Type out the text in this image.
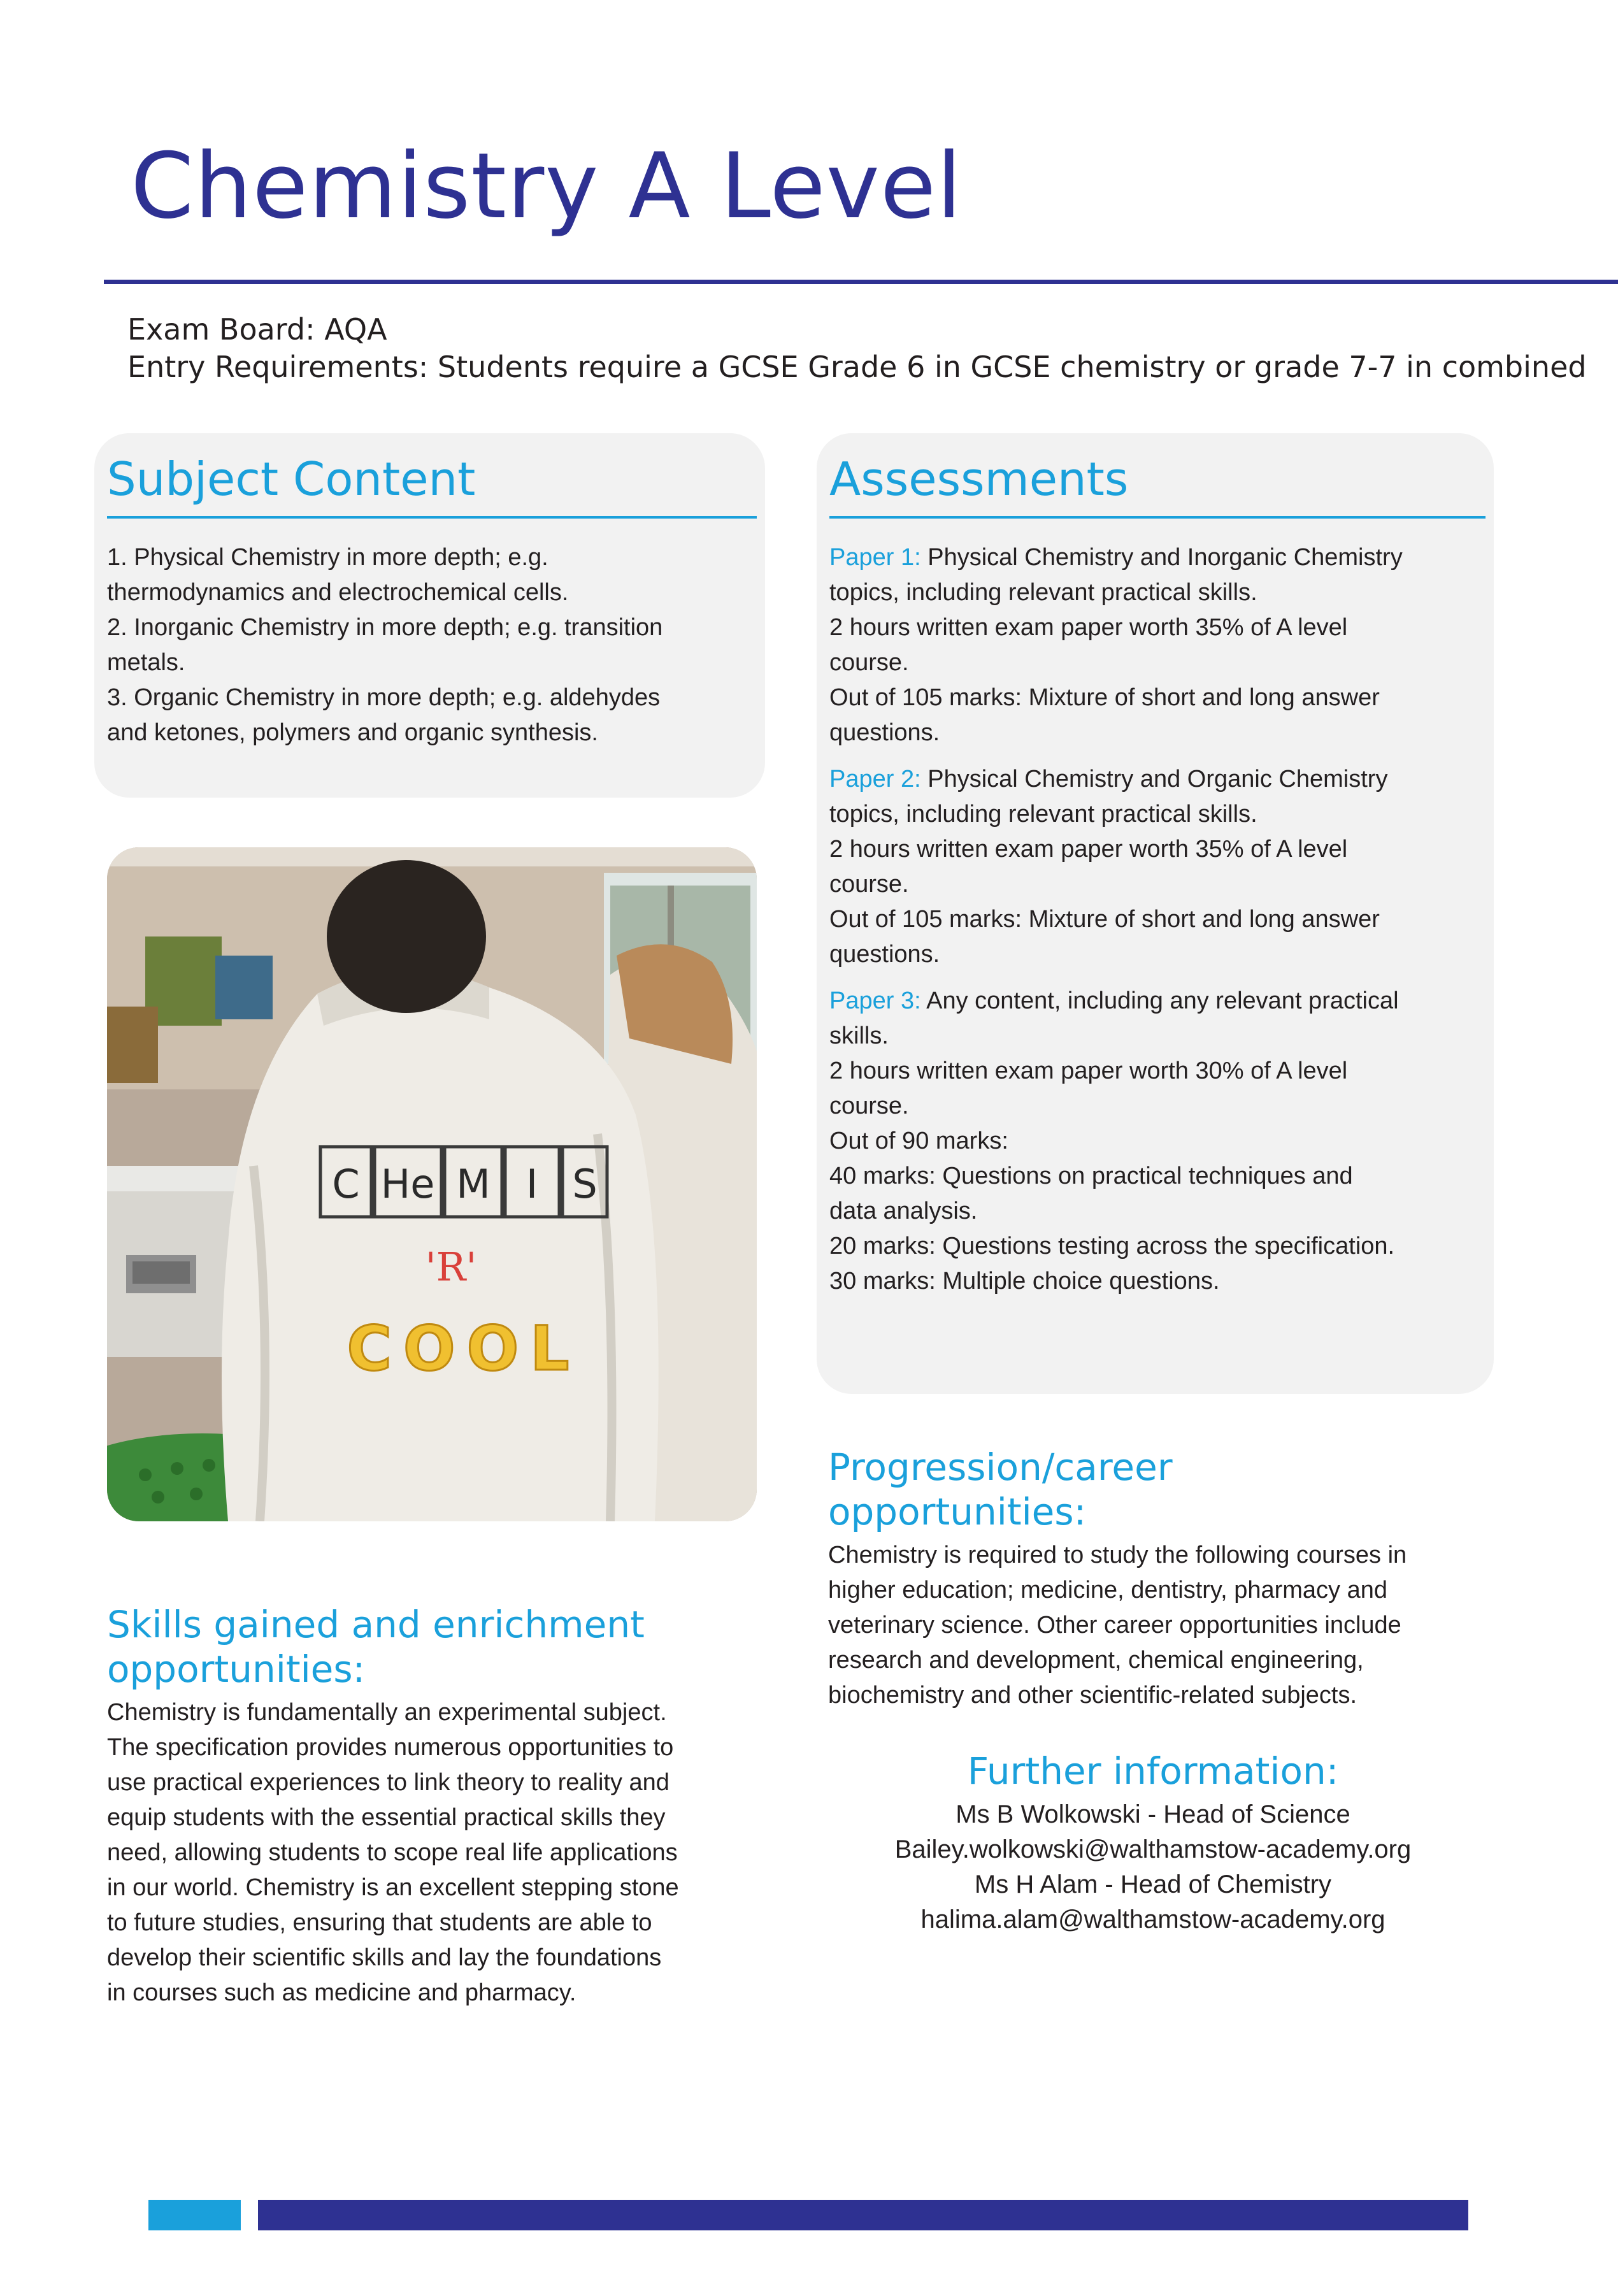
Chemistry A Level
Exam Board: AQA
Entry Requirements: Students require a GCSE Grade 6 in GCSE chemistry or grade 7-7 in combined
Subject Content

1. Physical Chemistry in more depth; e.g. thermodynamics and electrochemical cells.

2. Inorganic Chemistry in more depth; e.g. transition metals.

3. Organic Chemistry in more depth; e.g. aldehydes and ketones, polymers and organic synthesis.

C He M I S
'R'
COOL
Assessments
Paper 1: Physical Chemistry and Inorganic Chemistry topics, including relevant practical skills.
2 hours written exam paper worth 35% of A level course.
Out of 105 marks: Mixture of short and long answer questions.
Paper 2: Physical Chemistry and Organic Chemistry topics, including relevant practical skills.
2 hours written exam paper worth 35% of A level course.
Out of 105 marks: Mixture of short and long answer questions.
Paper 3: Any content, including any relevant practical skills.
2 hours written exam paper worth 30% of A level course.
Out of 90 marks:
40 marks: Questions on practical techniques and data analysis.
20 marks: Questions testing across the specification.
30 marks: Multiple choice questions.
Progression/career opportunities:

Chemistry is required to study the following courses in higher education; medicine, dentistry, pharmacy and veterinary science. Other career opportunities include research and development, chemical engineering, biochemistry and other scientific-related subjects.

Skills gained and enrichment opportunities:

Chemistry is fundamentally an experimental subject. The specification provides numerous opportunities to use practical experiences to link theory to reality and equip students with the essential practical skills they need, allowing students to scope real life applications in our world. Chemistry is an excellent stepping stone to future studies, ensuring that students are able to develop their scientific skills and lay the foundations in courses such as medicine and pharmacy.

Further information:

Ms B Wolkowski - Head of Science

Bailey.wolkowski@walthamstow-academy.org

Ms H Alam - Head of Chemistry

halima.alam@walthamstow-academy.org
